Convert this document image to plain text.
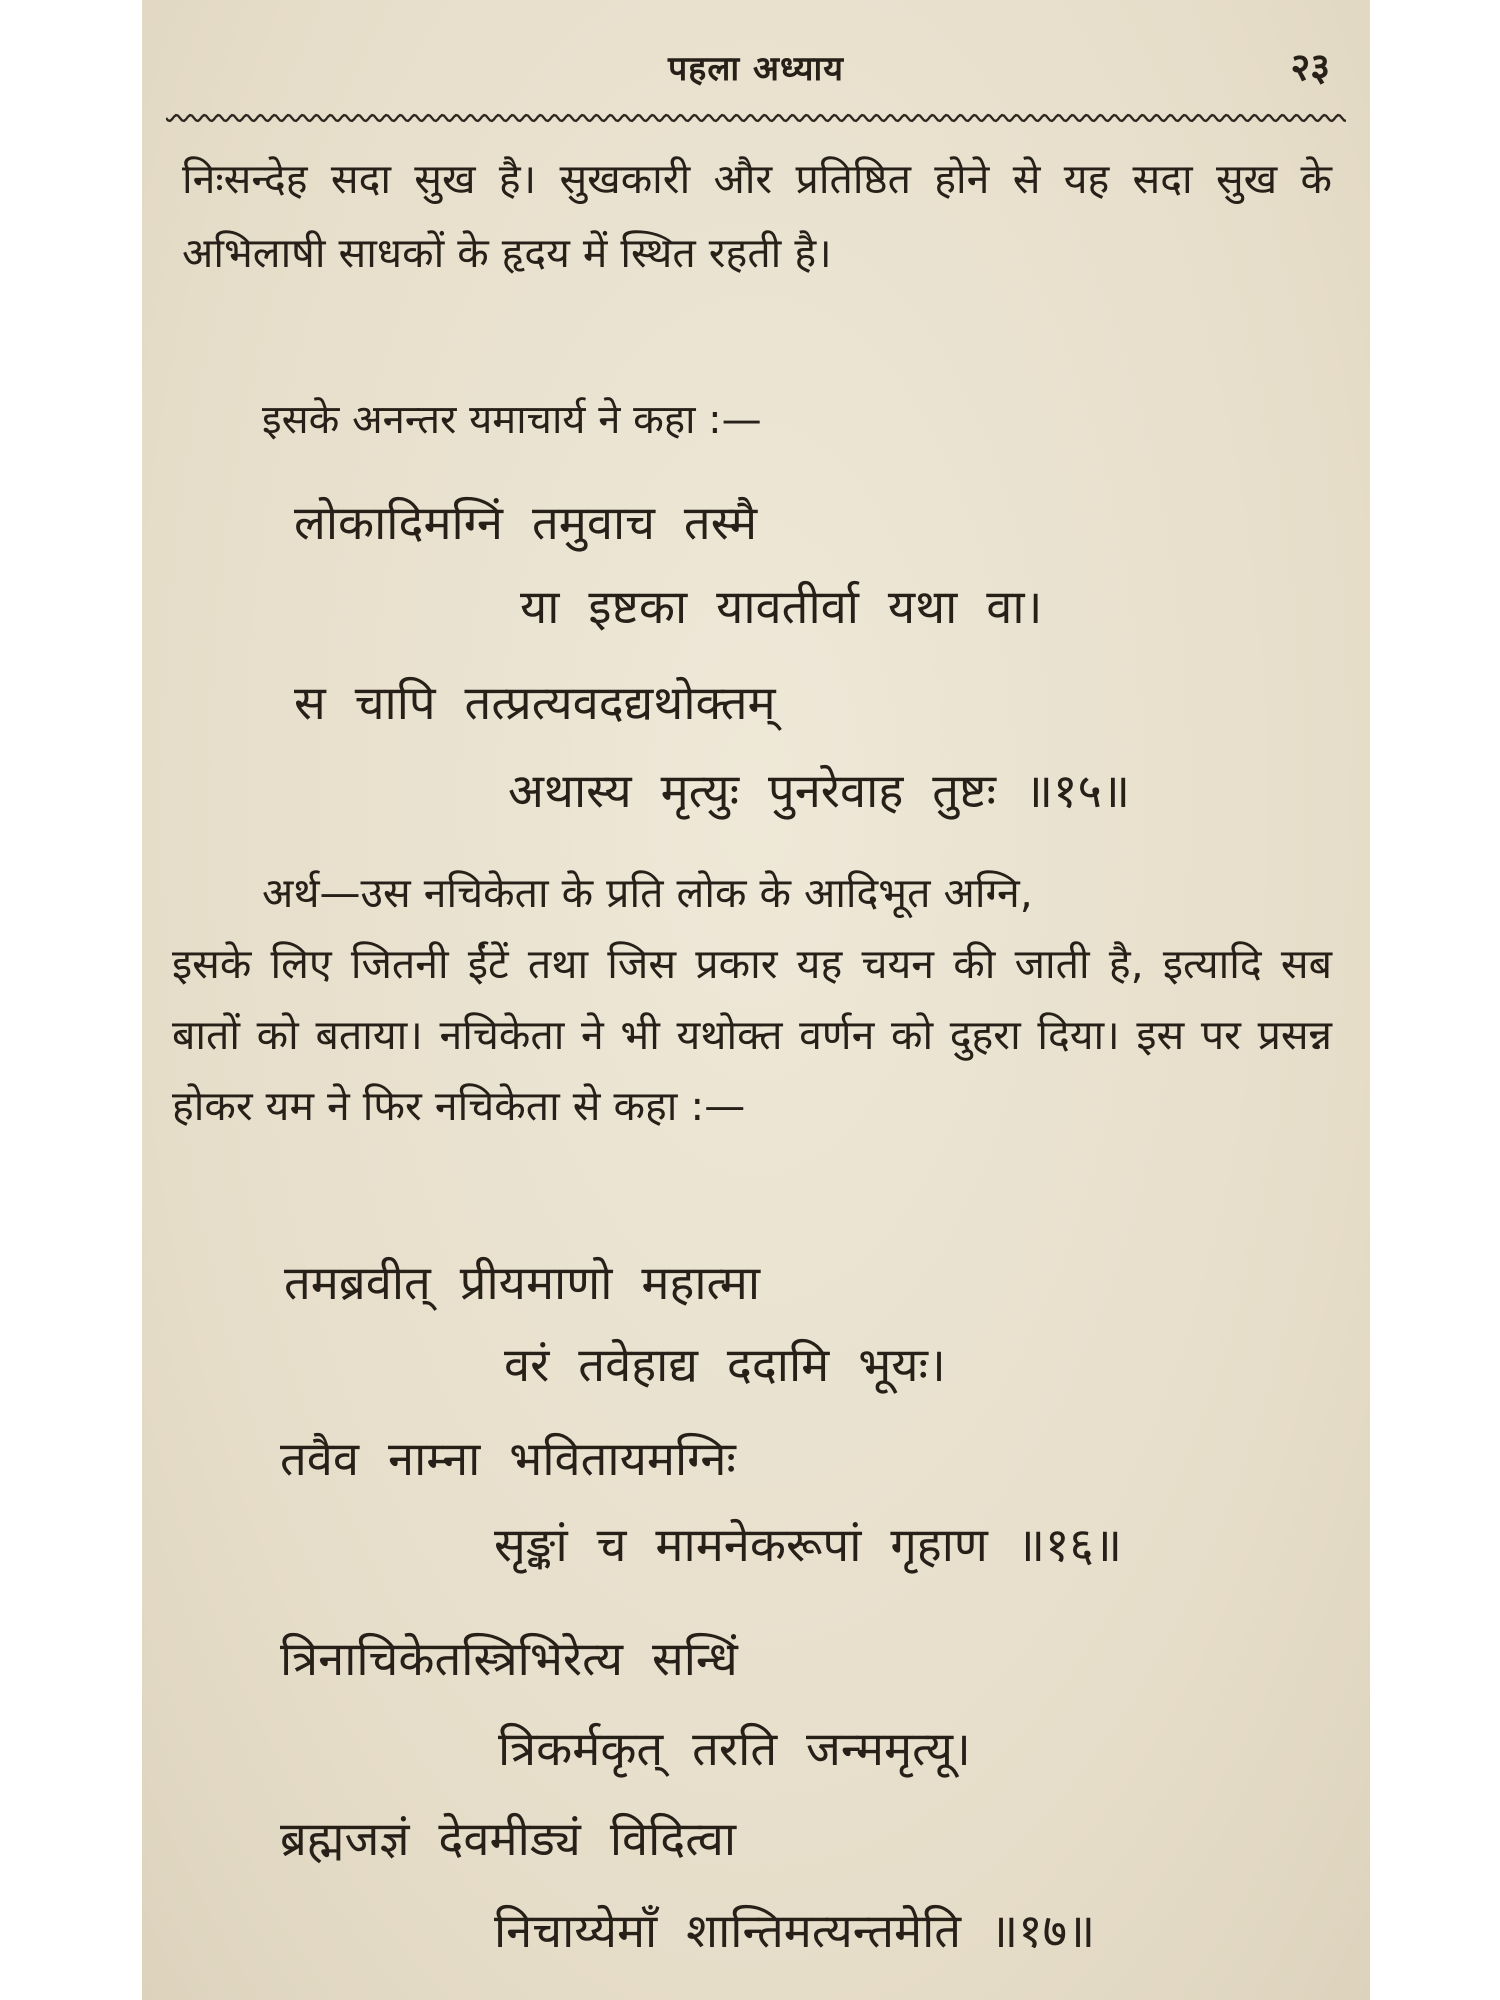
पहला अध्याय	२३
निःसन्देह सदा सुख है। सुखकारी और प्रतिष्ठित होने से यह सदा सुख के अभिलाषी साधकों के हृदय में स्थित रहती है।
इसके अनन्तर यमाचार्य ने कहा :—
लोकादिमग्निं तमुवाच तस्मै
या इष्टका यावतीर्वा यथा वा।
स चापि तत्प्रत्यवदद्यथोक्तम्
अथास्य मृत्युः पुनरेवाह तुष्टः ॥१५॥
अर्थ—उस नचिकेता के प्रति लोक के आदिभूत अग्नि,
इसके लिए जितनी ईंटें तथा जिस प्रकार यह चयन की जाती है, इत्यादि सब बातों को बताया। नचिकेता ने भी यथोक्त वर्णन को दुहरा दिया। इस पर प्रसन्न होकर यम ने फिर नचिकेता से कहा :—
तमब्रवीत् प्रीयमाणो महात्मा
वरं तवेहाद्य ददामि भूयः।
तवैव नाम्ना भवितायमग्निः
सृङ्कां च मामनेकरूपां गृहाण ॥१६॥
त्रिनाचिकेतस्त्रिभिरेत्य सन्धिं
त्रिकर्मकृत् तरति जन्ममृत्यू।
ब्रह्मजज्ञं देवमीड्यं विदित्वा
निचाय्येमाँ शान्तिमत्यन्तमेति ॥१७॥
